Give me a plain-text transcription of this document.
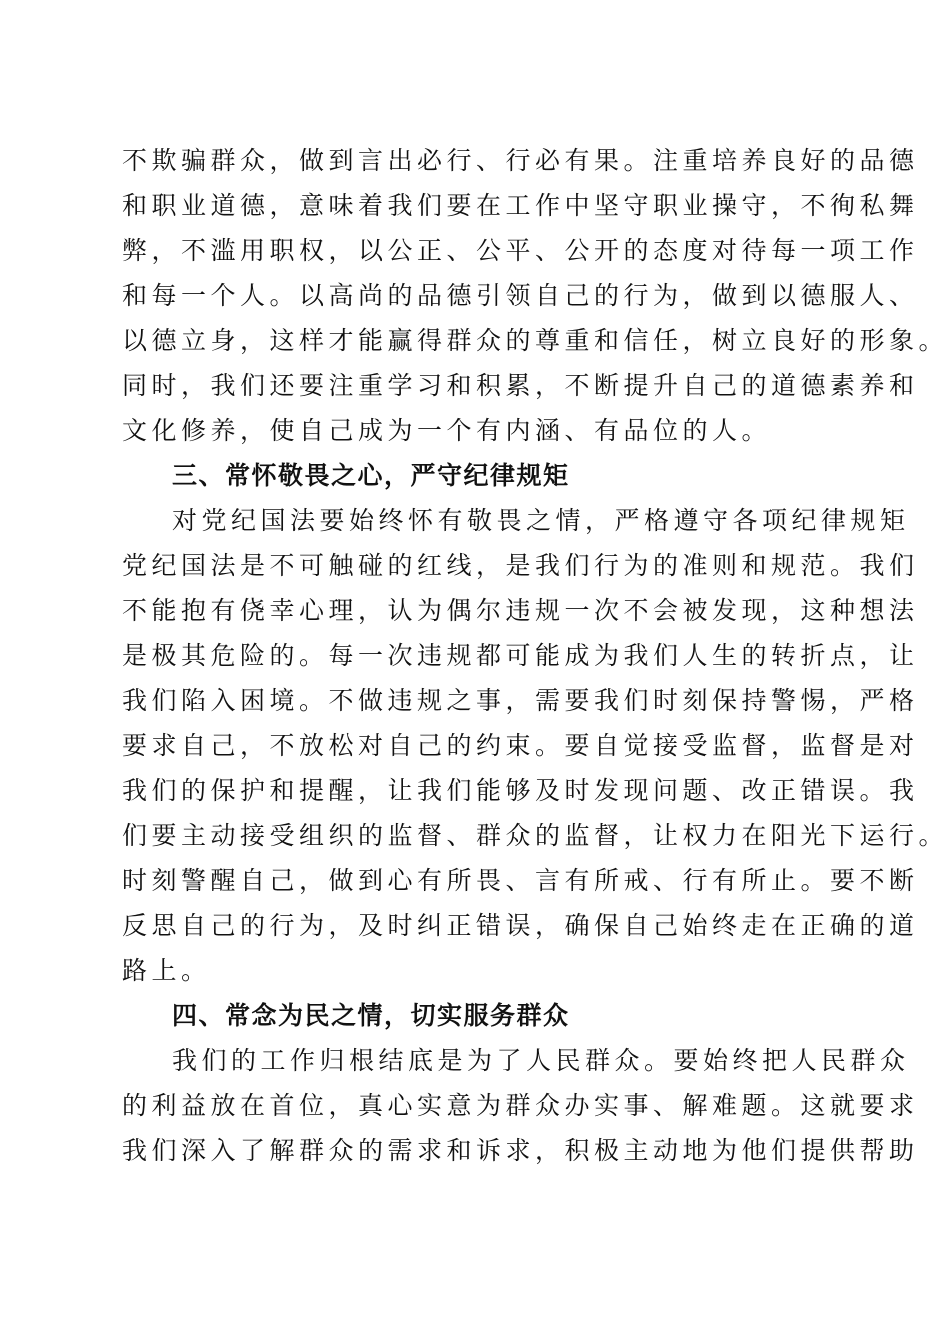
不欺骗群众，做到言出必行、行必有果。注重培养良好的品德
和职业道德，意味着我们要在工作中坚守职业操守，不徇私舞
弊，不滥用职权，以公正、公平、公开的态度对待每一项工作
和每一个人。以高尚的品德引领自己的行为，做到以德服人、
以德立身，这样才能赢得群众的尊重和信任，树立良好的形象。
同时，我们还要注重学习和积累，不断提升自己的道德素养和
文化修养，使自己成为一个有内涵、有品位的人。
三、常怀敬畏之心，严守纪律规矩
对党纪国法要始终怀有敬畏之情，严格遵守各项纪律规矩
党纪国法是不可触碰的红线，是我们行为的准则和规范。我们
不能抱有侥幸心理，认为偶尔违规一次不会被发现，这种想法
是极其危险的。每一次违规都可能成为我们人生的转折点，让
我们陷入困境。不做违规之事，需要我们时刻保持警惕，严格
要求自己，不放松对自己的约束。要自觉接受监督，监督是对
我们的保护和提醒，让我们能够及时发现问题、改正错误。我
们要主动接受组织的监督、群众的监督，让权力在阳光下运行。
时刻警醒自己，做到心有所畏、言有所戒、行有所止。要不断
反思自己的行为，及时纠正错误，确保自己始终走在正确的道
路上。
四、常念为民之情，切实服务群众
我们的工作归根结底是为了人民群众。要始终把人民群众
的利益放在首位，真心实意为群众办实事、解难题。这就要求
我们深入了解群众的需求和诉求，积极主动地为他们提供帮助
